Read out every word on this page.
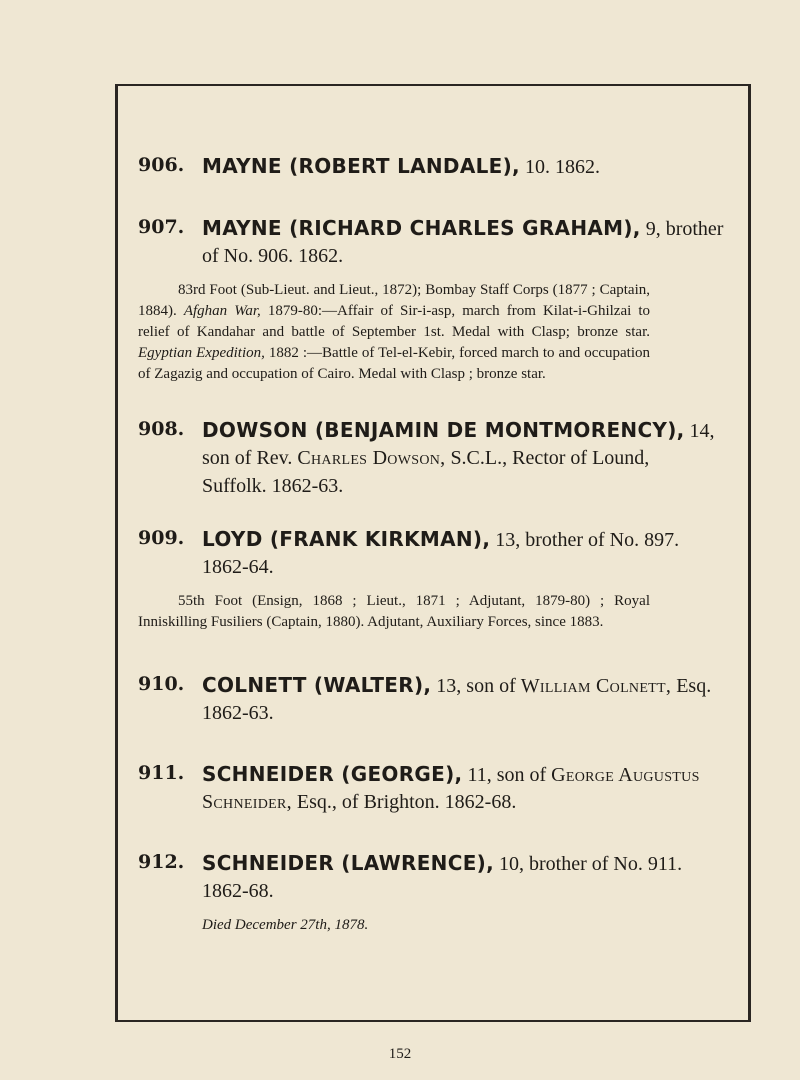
906. MAYNE (ROBERT LANDALE), 10. 1862.
907. MAYNE (RICHARD CHARLES GRAHAM), 9, brother
of No. 906. 1862.
83rd Foot (Sub-Lieut. and Lieut., 1872); Bombay Staff Corps (1877 ; Captain, 1884). Afghan War, 1879-80:—Affair of Sir-i-asp, march from Kilat-i-Ghilzai to relief of Kandahar and battle of September 1st. Medal with Clasp; bronze star. Egyptian Expedition, 1882 :—Battle of Tel-el-Kebir, forced march to and occupation of Zagazig and occupation of Cairo. Medal with Clasp ; bronze star.
908. DOWSON (BENJAMIN DE MONTMORENCY), 14,
son of Rev. Charles Dowson, S.C.L., Rector of Lound,
Suffolk. 1862-63.
909. LOYD (FRANK KIRKMAN), 13, brother of No. 897.
1862-64.
55th Foot (Ensign, 1868 ; Lieut., 1871 ; Adjutant, 1879-80) ; Royal Inniskilling Fusiliers (Captain, 1880). Adjutant, Auxiliary Forces, since 1883.
910. COLNETT (WALTER), 13, son of William Colnett, Esq.
1862-63.
911. SCHNEIDER (GEORGE), 11, son of George Augustus
Schneider, Esq., of Brighton. 1862-68.
912. SCHNEIDER (LAWRENCE), 10, brother of No. 911.
1862-68.
Died December 27th, 1878.
152
